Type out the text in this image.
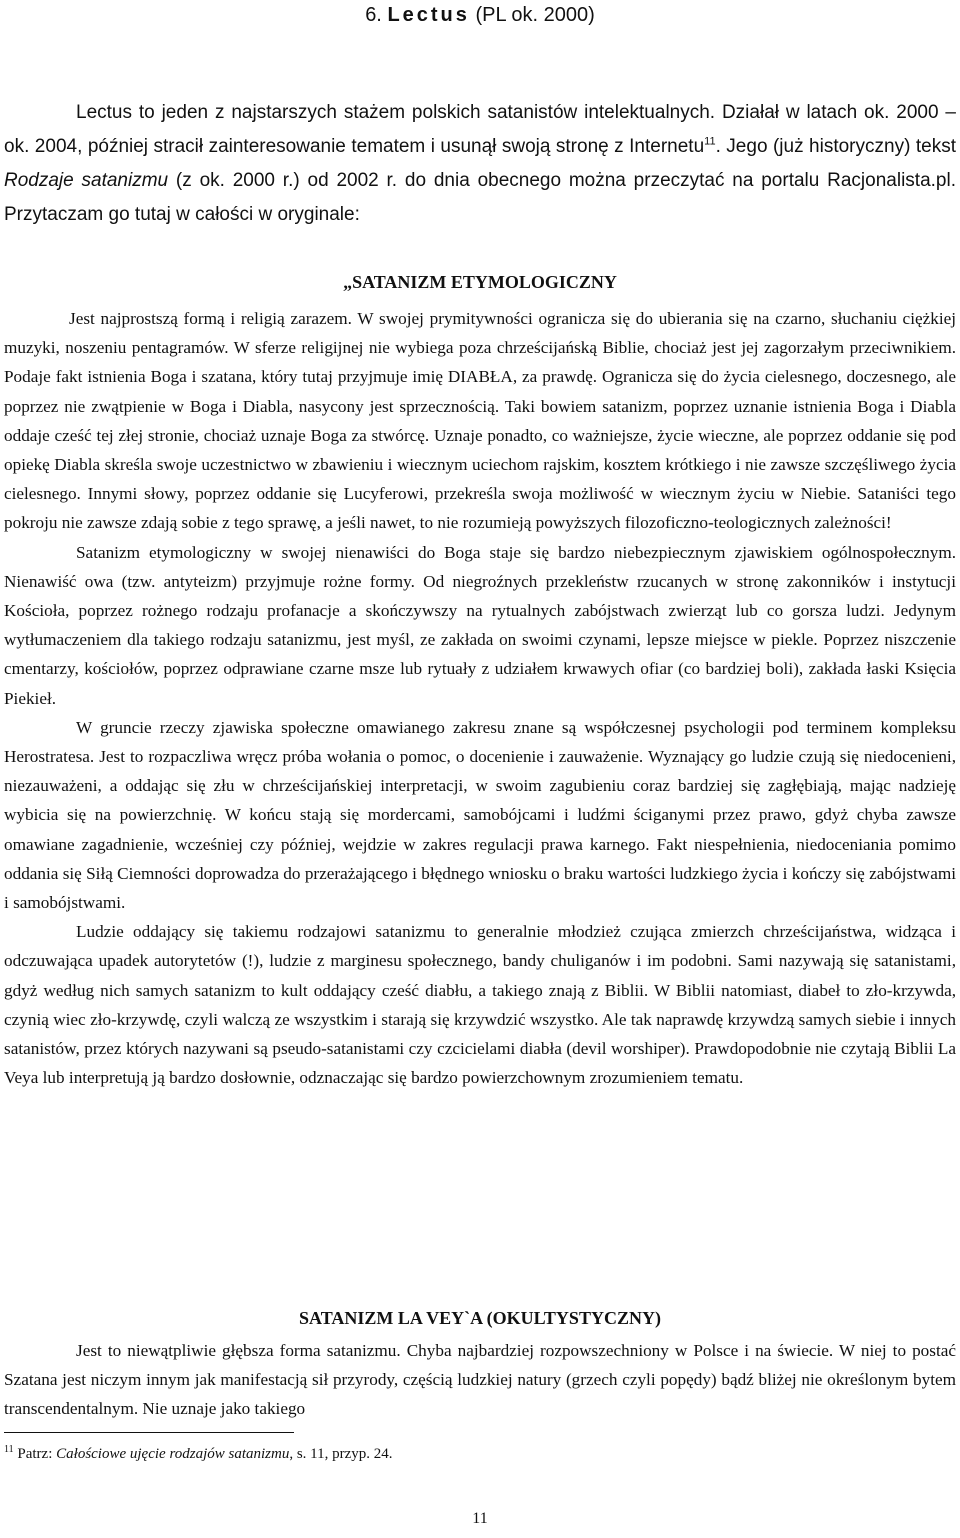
6. Lectus (PL ok. 2000)

Lectus to jeden z najstarszych stażem polskich satanistów intelektualnych. Działał w latach ok. 2000 – ok. 2004, później stracił zainteresowanie tematem i usunął swoją stronę z Internetu$^{11}$. Jego (już historyczny) tekst Rodzaje satanizmu (z ok. 2000 r.) od 2002 r. do dnia obecnego można przeczytać na portalu Racjonalista.pl. Przytaczam go tutaj w całości w oryginale:

„SATANIZM ETYMOLOGICZNY

Jest najprostszą formą i religią zarazem. W swojej prymitywności ogranicza się do ubierania się na czarno, słuchaniu ciężkiej muzyki, noszeniu pentagramów. W sferze religijnej nie wybiega poza chrześcijańską Biblie, chociaż jest jej zagorzałym przeciwnikiem. Podaje fakt istnienia Boga i szatana, który tutaj przyjmuje imię DIABŁA, za prawdę. Ogranicza się do życia cielesnego, doczesnego, ale poprzez nie zwątpienie w Boga i Diabla, nasycony jest sprzecznością. Taki bowiem satanizm, poprzez uznanie istnienia Boga i Diabla oddaje cześć tej złej stronie, chociaż uznaje Boga za stwórcę. Uznaje ponadto, co ważniejsze, życie wieczne, ale poprzez oddanie się pod opiekę Diabla skreśla swoje uczestnictwo w zbawieniu i wiecznym uciechom rajskim, kosztem krótkiego i nie zawsze szczęśliwego życia cielesnego. Innymi słowy, poprzez oddanie się Lucyferowi, przekreśla swoja możliwość w wiecznym życiu w Niebie. Sataniści tego pokroju nie zawsze zdają sobie z tego sprawę, a jeśli nawet, to nie rozumieją powyższych filozoficzno-teologicznych zależności!

Satanizm etymologiczny w swojej nienawiści do Boga staje się bardzo niebezpiecznym zjawiskiem ogólnospołecznym. Nienawiść owa (tzw. antyteizm) przyjmuje rożne formy. Od niegroźnych przekleństw rzucanych w stronę zakonników i instytucji Kościoła, poprzez rożnego rodzaju profanacje a skończywszy na rytualnych zabójstwach zwierząt lub co gorsza ludzi. Jedynym wytłumaczeniem dla takiego rodzaju satanizmu, jest myśl, ze zakłada on swoimi czynami, lepsze miejsce w piekle. Poprzez niszczenie cmentarzy, kościołów, poprzez odprawiane czarne msze lub rytuały z udziałem krwawych ofiar (co bardziej boli), zakłada łaski Księcia Piekieł.

W gruncie rzeczy zjawiska społeczne omawianego zakresu znane są współczesnej psychologii pod terminem kompleksu Herostratesa. Jest to rozpaczliwa wręcz próba wołania o pomoc, o docenienie i zauważenie. Wyznający go ludzie czują się niedocenieni, niezauważeni, a oddając się złu w chrześcijańskiej interpretacji, w swoim zagubieniu coraz bardziej się zagłębiają, mając nadzieję wybicia się na powierzchnię. W końcu stają się mordercami, samobójcami i ludźmi ściganymi przez prawo, gdyż chyba zawsze omawiane zagadnienie, wcześniej czy później, wejdzie w zakres regulacji prawa karnego. Fakt niespełnienia, niedoceniania pomimo oddania się Siłą Ciemności doprowadza do przerażającego i błędnego wniosku o braku wartości ludzkiego życia i kończy się zabójstwami i samobójstwami.

Ludzie oddający się takiemu rodzajowi satanizmu to generalnie młodzież czująca zmierzch chrześcijaństwa, widząca i odczuwająca upadek autorytetów (!), ludzie z marginesu społecznego, bandy chuliganów i im podobni. Sami nazywają się satanistami, gdyż według nich samych satanizm to kult oddający cześć diabłu, a takiego znają z Biblii. W Biblii natomiast, diabeł to zło-krzywda, czynią wiec zło-krzywdę, czyli walczą ze wszystkim i starają się krzywdzić wszystko. Ale tak naprawdę krzywdzą samych siebie i innych satanistów, przez których nazywani są pseudo-satanistami czy czcicielami diabła (devil worshiper). Prawdopodobnie nie czytają Biblii La Veya lub interpretują ją bardzo dosłownie, odznaczając się bardzo powierzchownym zrozumieniem tematu.

SATANIZM LA VEY`A (OKULTYSTYCZNY)

Jest to niewątpliwie głębsza forma satanizmu. Chyba najbardziej rozpowszechniony w Polsce i na świecie. W niej to postać Szatana jest niczym innym jak manifestacją sił przyrody, częścią ludzkiej natury (grzech czyli popędy) bądź bliżej nie określonym bytem transcendentalnym. Nie uznaje jako takiego

$^{11}$ Patrz: Całościowe ujęcie rodzajów satanizmu, s. 11, przyp. 24.
11
